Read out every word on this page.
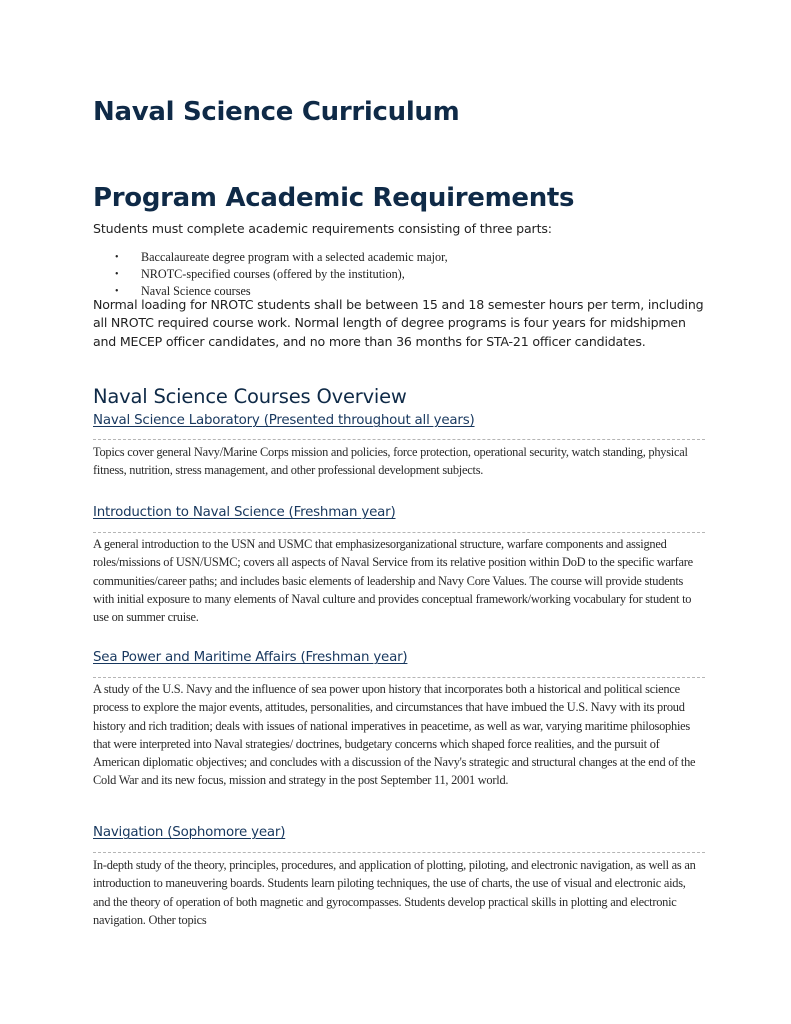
Naval Science Curriculum
Program Academic Requirements
Students must complete academic requirements consisting of three parts:
•	Baccalaureate degree program with a selected academic major,
•	NROTC-specified courses (offered by the institution),
•	Naval Science courses
Normal loading for NROTC students shall be between 15 and 18 semester hours per term, including all NROTC required course work. Normal length of degree programs is four years for midshipmen and MECEP officer candidates, and no more than 36 months for STA-21 officer candidates.
Naval Science Courses Overview
Naval Science Laboratory (Presented throughout all years)

Topics cover general Navy/Marine Corps mission and policies, force protection, operational security, watch standing, physical fitness, nutrition, stress management, and other professional development subjects.

Introduction to Naval Science (Freshman year)

A general introduction to the USN and USMC that emphasizesorganizational structure, warfare components and assigned roles/missions of USN/USMC; covers all aspects of Naval Service from its relative position within DoD to the specific warfare communities/career paths; and includes basic elements of leadership and Navy Core Values. The course will provide students with initial exposure to many elements of Naval culture and provides conceptual framework/working vocabulary for student to use on summer cruise.

Sea Power and Maritime Affairs (Freshman year)

A study of the U.S. Navy and the influence of sea power upon history that incorporates both a historical and political science process to explore the major events, attitudes, personalities, and circumstances that have imbued the U.S. Navy with its proud history and rich tradition; deals with issues of national imperatives in peacetime, as well as war, varying maritime philosophies that were interpreted into Naval strategies/ doctrines, budgetary concerns which shaped force realities, and the pursuit of American diplomatic objectives; and concludes with a discussion of the Navy's strategic and structural changes at the end of the Cold War and its new focus, mission and strategy in the post September 11, 2001 world.

Navigation (Sophomore year)

In-depth study of the theory, principles, procedures, and application of plotting, piloting, and electronic navigation, as well as an introduction to maneuvering boards. Students learn piloting techniques, the use of charts, the use of visual and electronic aids, and the theory of operation of both magnetic and gyrocompasses. Students develop practical skills in plotting and electronic navigation. Other topics
